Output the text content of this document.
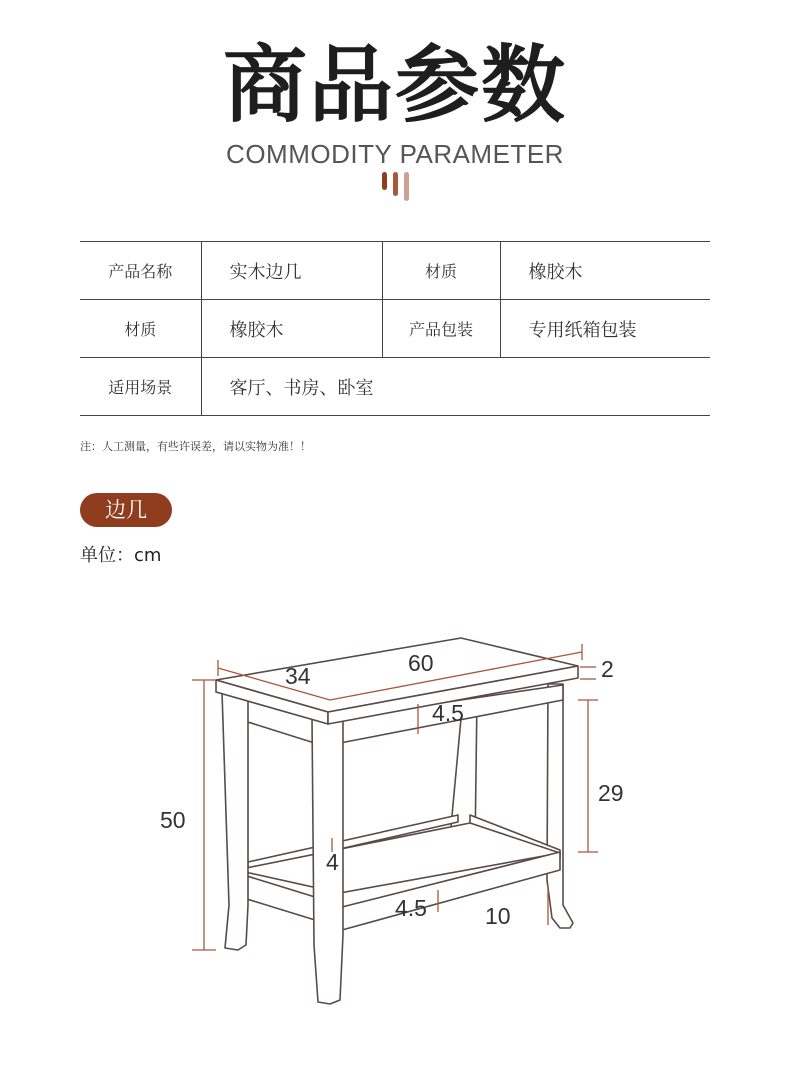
商品参数
COMMODITY PARAMETER
产品名称	实木边几	材质	橡胶木
材质	橡胶木	产品包装	专用纸箱包装
适用场景	客厅、书房、卧室		
注：人工测量，有些许误差，请以实物为准！！
边几
单位：cm
34	60	2
4.5
50
29
4
4.5	10
